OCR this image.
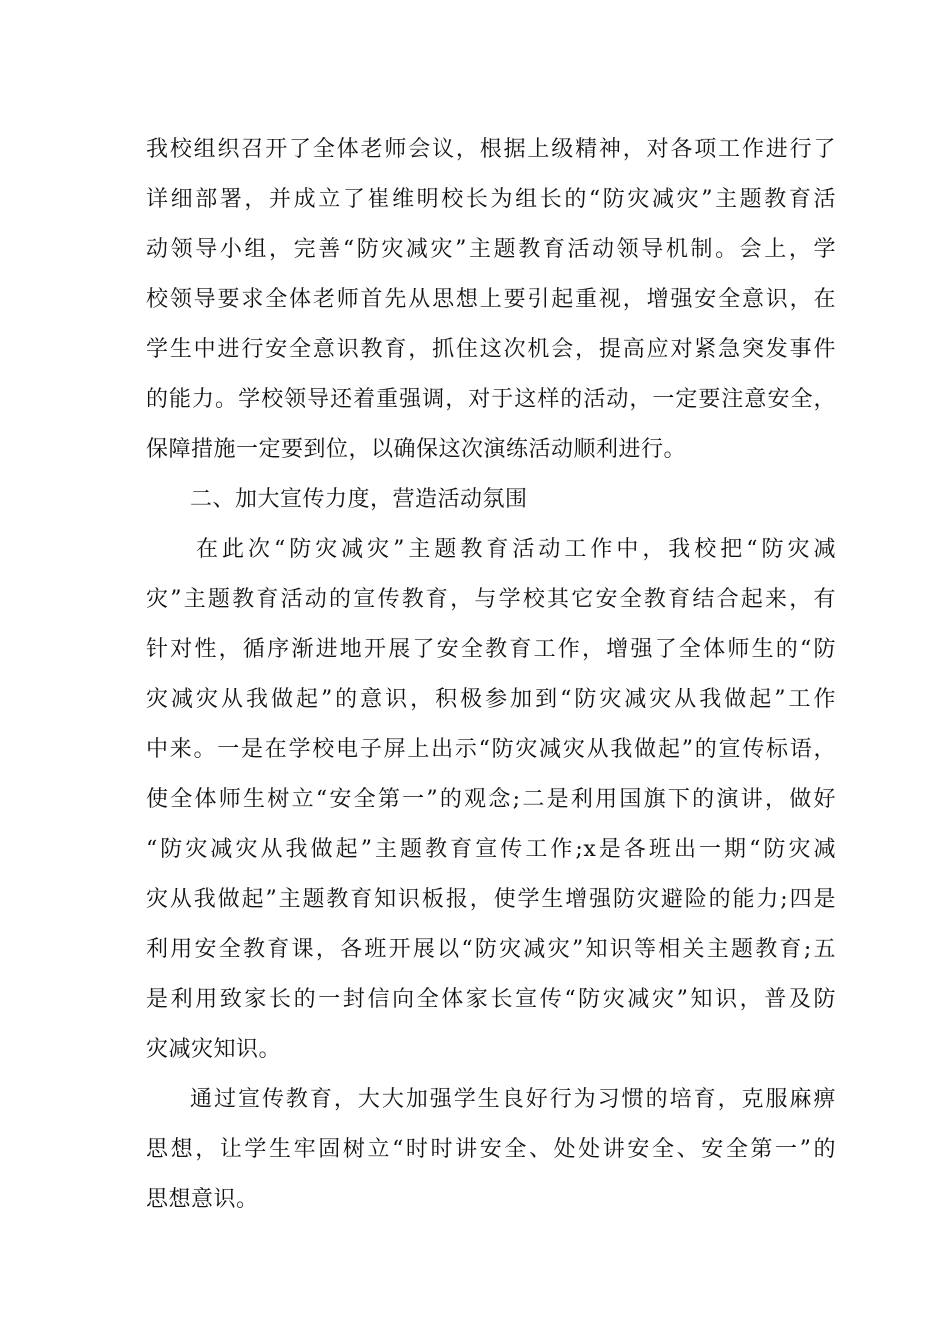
我校组织召开了全体老师会议，根据上级精神，对各项工作进行了
详细部署，并成立了崔维明校长为组长的“防灾减灾”主题教育活
动领导小组，完善“防灾减灾”主题教育活动领导机制。会上，学
校领导要求全体老师首先从思想上要引起重视，增强安全意识，在
学生中进行安全意识教育，抓住这次机会，提高应对紧急突发事件
的能力。学校领导还着重强调，对于这样的活动，一定要注意安全，
保障措施一定要到位，以确保这次演练活动顺利进行。
二、加大宣传力度，营造活动氛围
在此次“防灾减灾”主题教育活动工作中，我校把“防灾减
灾”主题教育活动的宣传教育，与学校其它安全教育结合起来，有
针对性，循序渐进地开展了安全教育工作，增强了全体师生的“防
灾减灾从我做起”的意识，积极参加到“防灾减灾从我做起”工作
中来。一是在学校电子屏上出示“防灾减灾从我做起”的宣传标语，
使全体师生树立“安全第一”的观念;二是利用国旗下的演讲，做好
“防灾减灾从我做起”主题教育宣传工作;x是各班出一期“防灾减
灾从我做起”主题教育知识板报，使学生增强防灾避险的能力;四是
利用安全教育课，各班开展以“防灾减灾”知识等相关主题教育;五
是利用致家长的一封信向全体家长宣传“防灾减灾”知识，普及防
灾减灾知识。
通过宣传教育，大大加强学生良好行为习惯的培育，克服麻痹
思想，让学生牢固树立“时时讲安全、处处讲安全、安全第一”的
思想意识。
